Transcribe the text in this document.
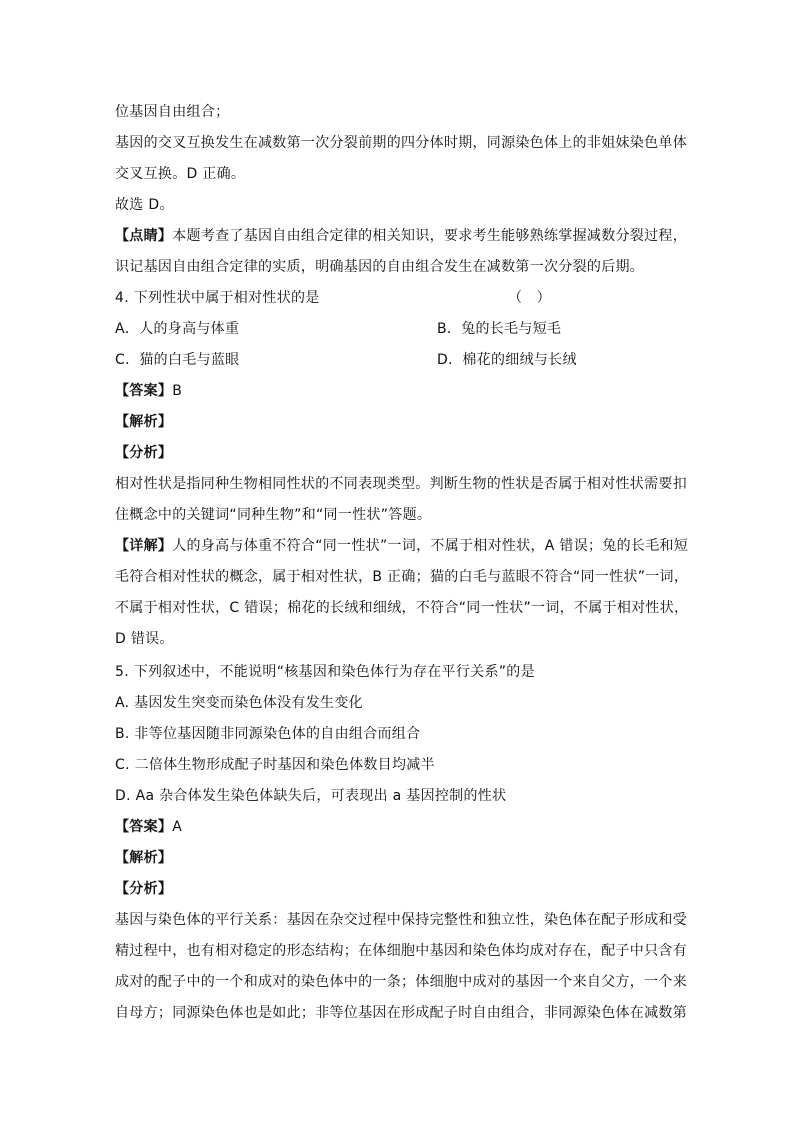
位基因自由组合；
基因的交叉互换发生在减数第一次分裂前期的四分体时期，同源染色体上的非姐妹染色单体
交叉互换。D 正确。
故选 D。
【点睛】本题考查了基因自由组合定律的相关知识，要求考生能够熟练掌握减数分裂过程，
识记基因自由组合定律的实质，明确基因的自由组合发生在减数第一次分裂的后期。
4. 下列性状中属于相对性状的是	（　）
A．人的身高与体重	B．兔的长毛与短毛
C．猫的白毛与蓝眼	D．棉花的细绒与长绒
【答案】B
【解析】
【分析】
相对性状是指同种生物相同性状的不同表现类型。判断生物的性状是否属于相对性状需要扣
住概念中的关键词“同种生物”和“同一性状”答题。
【详解】人的身高与体重不符合“同一性状”一词，不属于相对性状，A 错误；兔的长毛和短
毛符合相对性状的概念，属于相对性状，B 正确；猫的白毛与蓝眼不符合“同一性状”一词，
不属于相对性状，C 错误；棉花的长绒和细绒，不符合“同一性状”一词，不属于相对性状，
D 错误。
5. 下列叙述中，不能说明“核基因和染色体行为存在平行关系”的是
A. 基因发生突变而染色体没有发生变化
B. 非等位基因随非同源染色体的自由组合而组合
C. 二倍体生物形成配子时基因和染色体数目均减半
D. Aa 杂合体发生染色体缺失后，可表现出 a 基因控制的性状
【答案】A
【解析】
【分析】
基因与染色体的平行关系：基因在杂交过程中保持完整性和独立性，染色体在配子形成和受
精过程中，也有相对稳定的形态结构；在体细胞中基因和染色体均成对存在，配子中只含有
成对的配子中的一个和成对的染色体中的一条；体细胞中成对的基因一个来自父方，一个来
自母方；同源染色体也是如此；非等位基因在形成配子时自由组合，非同源染色体在减数第
